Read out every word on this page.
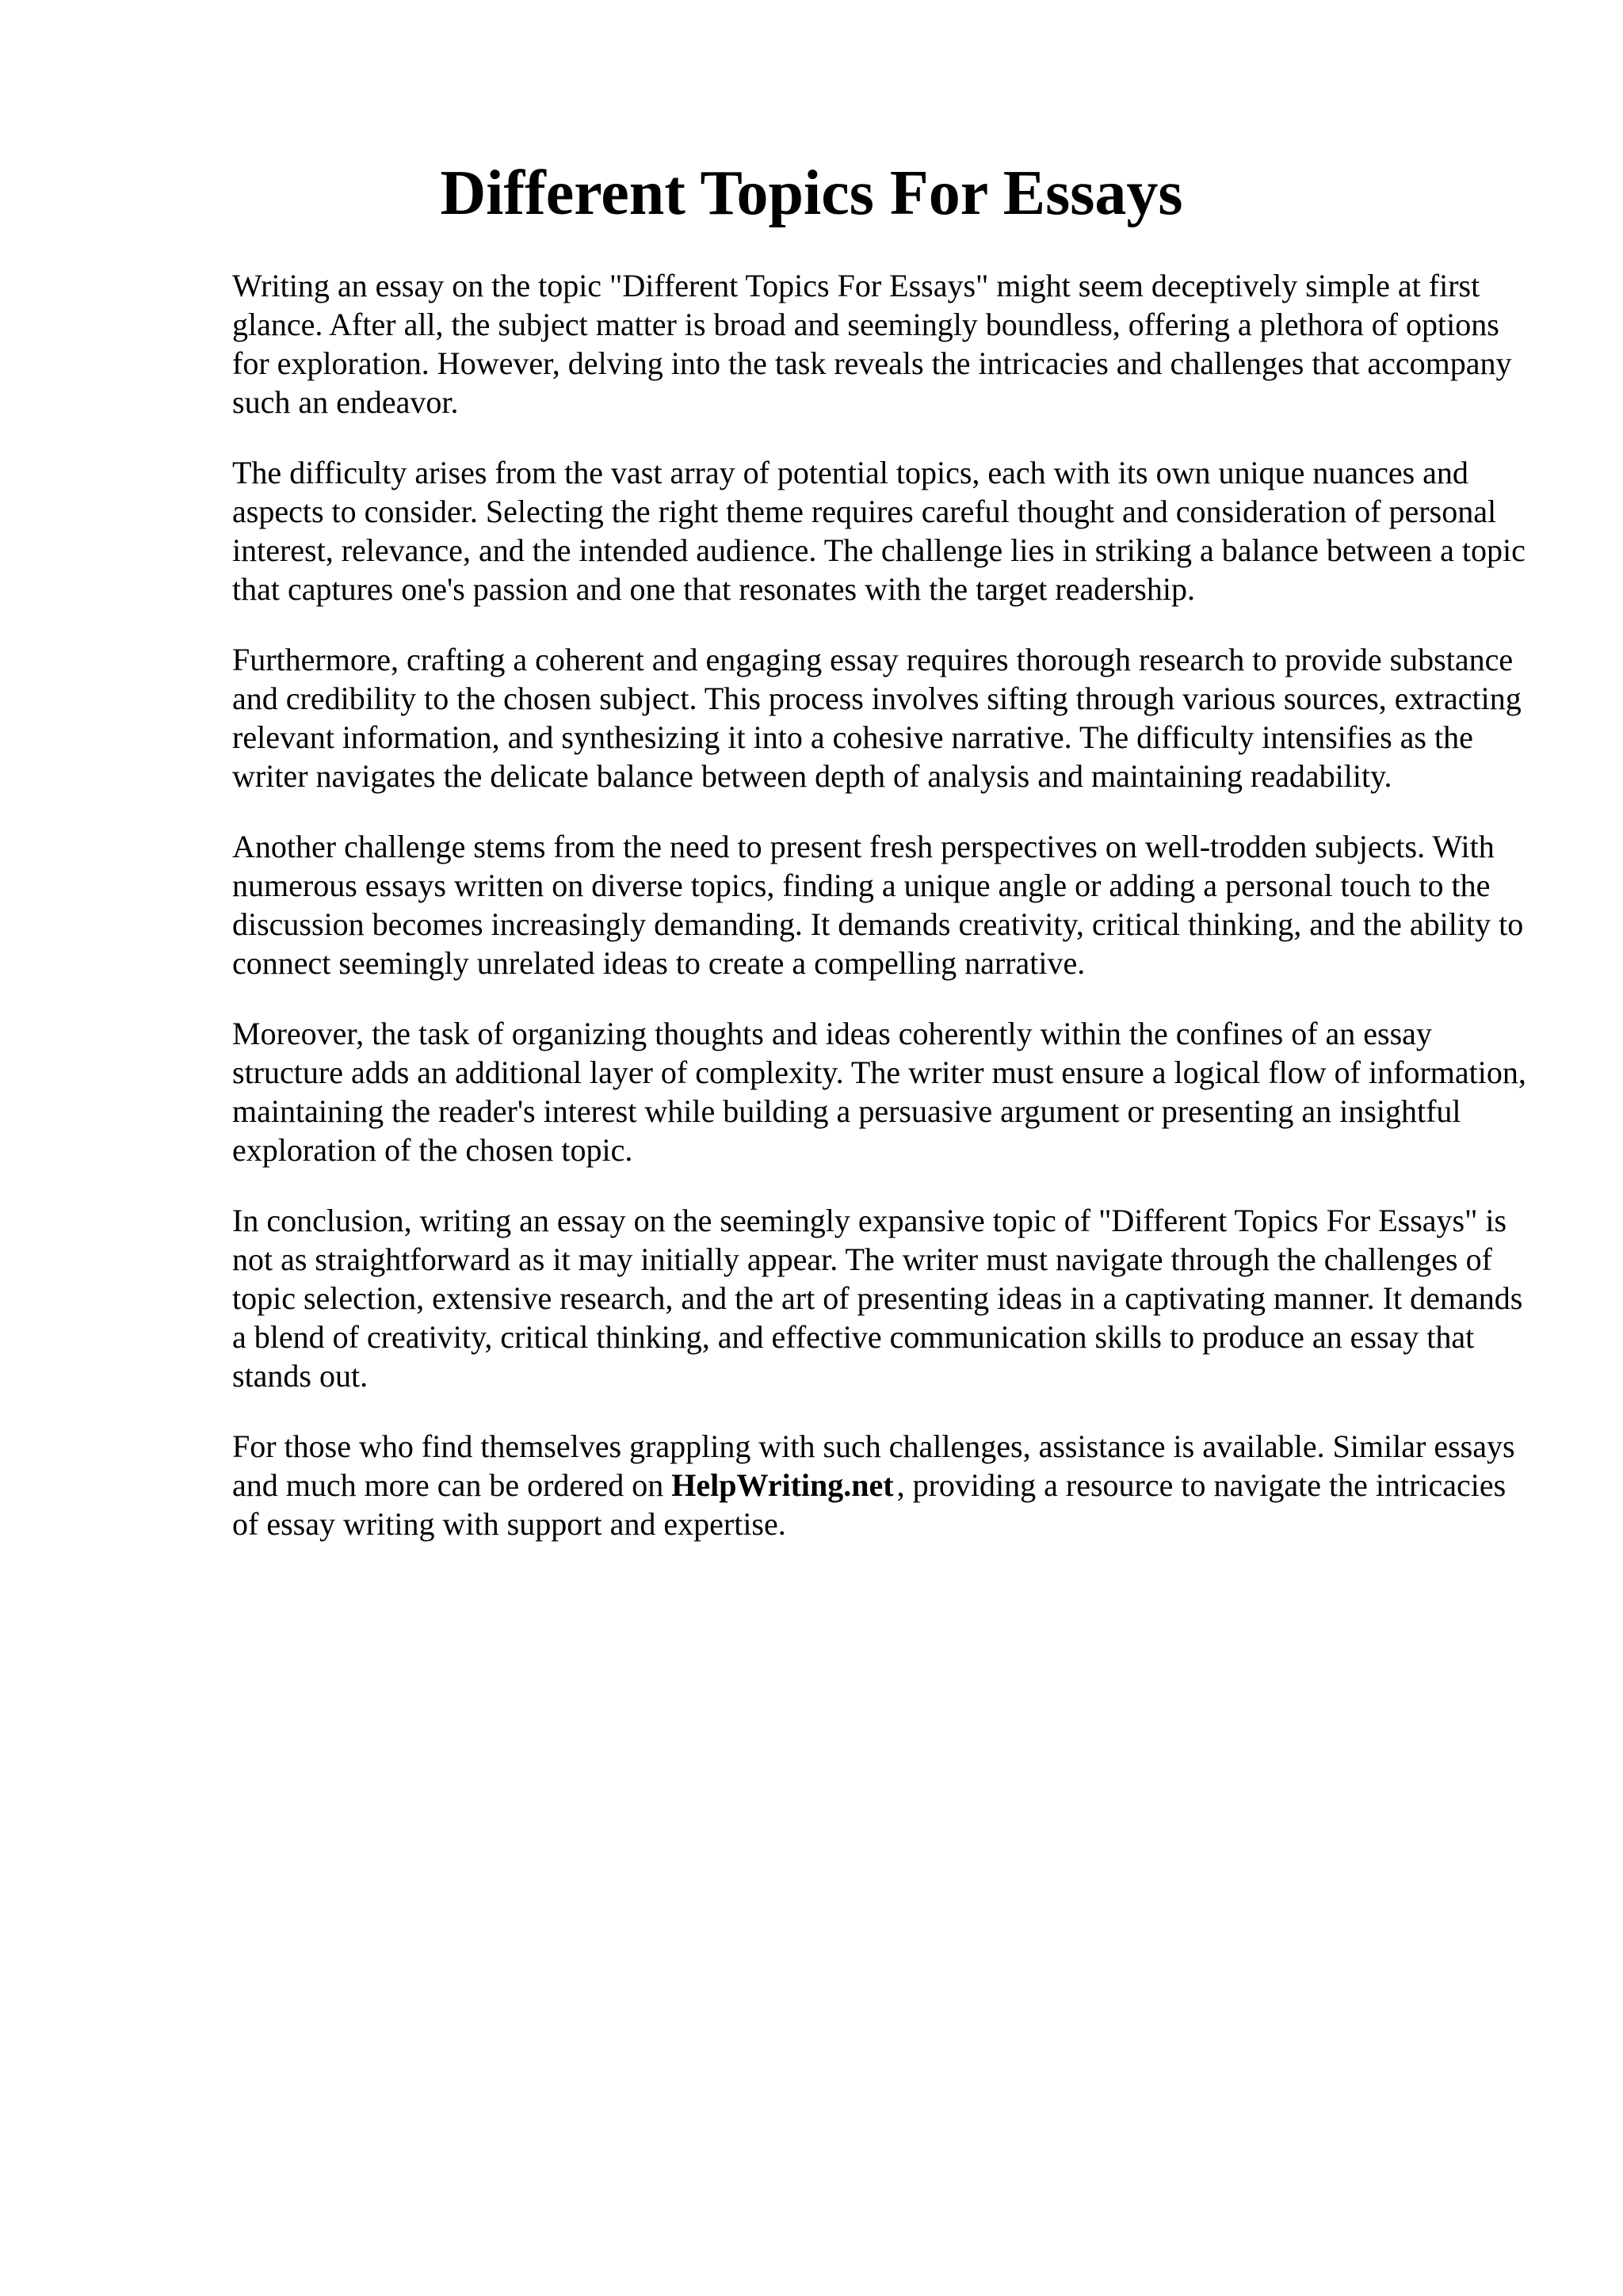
Different Topics For Essays

Writing an essay on the topic "Different Topics For Essays" might seem deceptively simple at first glance. After all, the subject matter is broad and seemingly boundless, offering a plethora of options for exploration. However, delving into the task reveals the intricacies and challenges that accompany such an endeavor.

The difficulty arises from the vast array of potential topics, each with its own unique nuances and aspects to consider. Selecting the right theme requires careful thought and consideration of personal interest, relevance, and the intended audience. The challenge lies in striking a balance between a topic that captures one's passion and one that resonates with the target readership.

Furthermore, crafting a coherent and engaging essay requires thorough research to provide substance and credibility to the chosen subject. This process involves sifting through various sources, extracting relevant information, and synthesizing it into a cohesive narrative. The difficulty intensifies as the writer navigates the delicate balance between depth of analysis and maintaining readability.

Another challenge stems from the need to present fresh perspectives on well-trodden subjects. With numerous essays written on diverse topics, finding a unique angle or adding a personal touch to the discussion becomes increasingly demanding. It demands creativity, critical thinking, and the ability to connect seemingly unrelated ideas to create a compelling narrative.

Moreover, the task of organizing thoughts and ideas coherently within the confines of an essay structure adds an additional layer of complexity. The writer must ensure a logical flow of information, maintaining the reader's interest while building a persuasive argument or presenting an insightful exploration of the chosen topic.

In conclusion, writing an essay on the seemingly expansive topic of "Different Topics For Essays" is not as straightforward as it may initially appear. The writer must navigate through the challenges of topic selection, extensive research, and the art of presenting ideas in a captivating manner. It demands a blend of creativity, critical thinking, and effective communication skills to produce an essay that stands out.

For those who find themselves grappling with such challenges, assistance is available. Similar essays and much more can be ordered on HelpWriting.net , providing a resource to navigate the intricacies of essay writing with support and expertise.
